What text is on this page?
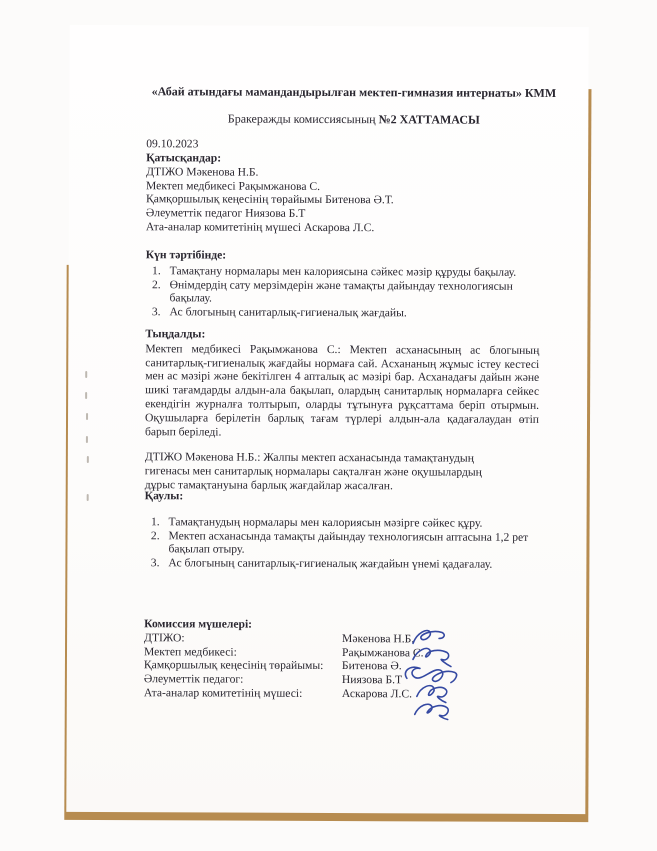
«Абай атындағы мамандандырылған мектеп-гимназия интернаты» КММ
Бракеражды комиссиясының №2 ХАТТАМАСЫ
09.10.2023
Қатысқандар:
ДТІЖО Мәкенова Н.Б.
Мектеп медбикесі Рақымжанова С.
Қамқоршылық кеңесінің төрайымы Битенова Ә.Т.
Әлеуметтік педагог Ниязова Б.Т
Ата-аналар комитетінің мүшесі Аскарова Л.С.
Күн тәртібінде:
1. Тамақтану нормалары мен калориясына сәйкес мәзір құруды бақылау.
2. Өнімдердің сату мерзімдерін және тамақты дайындау технологиясын бақылау.
3. Ас блогының санитарлық-гигиеналық жағдайы.
Тыңдалды:

Мектеп медбикесі Рақымжанова С.: Мектеп асханасының ас блогының санитарлық-гигиеналық жағдайы нормаға сай. Асхананың жұмыс істеу кестесі мен ас мәзірі және бекітілген 4 апталық ас мәзірі бар. Асханадағы дайын және шикі тағамдарды алдын-ала бақылап, олардың санитарлық нормаларға сейкес екендігін журналға толтырып, оларды тұтынуға рұқсаттама беріп отырмын. Оқушыларға берілетін барлық тағам түрлері алдын-ала қадағалаудан өтіп барып беріледі.

ДТІЖО Мәкенова Н.Б.: Жалпы мектеп асханасында тамақтанудың гигенасы мен санитарлық нормалары сақталған және оқушылардың дұрыс тамақтануына барлық жағдайлар жасалған.

Қаулы:
1. Тамақтанудың нормалары мен калориясын мәзірге сәйкес құру.
2. Мектеп асханасында тамақты дайындау технологиясын аптасына 1,2 рет бақылап отыру.
3. Ас блогының санитарлық-гигиеналық жағдайын үнемі қадағалау.
Комиссия мүшелері:
ДТІЖО:	Мәкенова Н.Б.
Мектеп медбикесі:	Рақымжанова С.
Қамқоршылық кеңесінің төрайымы:	Битенова Ә.
Әлеуметтік педагог:	Ниязова Б.Т
Ата-аналар комитетінің мүшесі:	Аскарова Л.С.
